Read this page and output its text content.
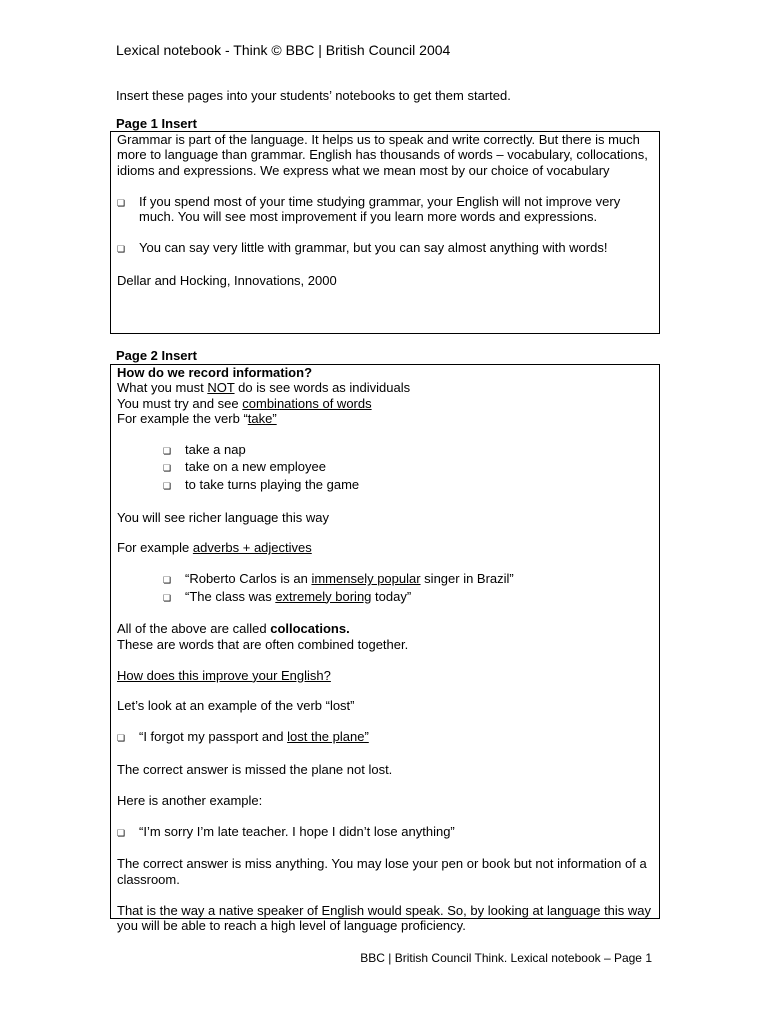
Lexical notebook - Think © BBC | British Council 2004
Insert these pages into your students’ notebooks to get them started.
Page 1 Insert

Grammar is part of the language. It helps us to speak and write correctly. But there is much more to language than grammar. English has thousands of words – vocabulary, collocations, idioms and expressions. We express what we mean most by our choice of vocabulary

❏	If you spend most of your time studying grammar, your English will not improve very much. You will see most improvement if you learn more words and expressions.
❏	You can say very little with grammar, but you can say almost anything with words!

Dellar and Hocking, Innovations, 2000

Page 2 Insert
How do we record information?
What you must NOT do is see words as individuals
You must try and see combinations of words
For example the verb “take”
❏	take a nap
❏	take on a new employee
❏	to take turns playing the game
You will see richer language this way
For example adverbs + adjectives
❏	“Roberto Carlos is an immensely popular singer in Brazil”
❏	“The class was extremely boring today”
All of the above are called collocations.
These are words that are often combined together.
How does this improve your English?
Let’s look at an example of the verb “lost”
❏	“I forgot my passport and lost the plane”
The correct answer is missed the plane not lost.
Here is another example:
❏	“I’m sorry I’m late teacher. I hope I didn’t lose anything”

The correct answer is miss anything. You may lose your pen or book but not information of a classroom.

That is the way a native speaker of English would speak. So, by looking at language this way you will be able to reach a high level of language proficiency.

BBC | British Council Think. Lexical notebook – Page 1
